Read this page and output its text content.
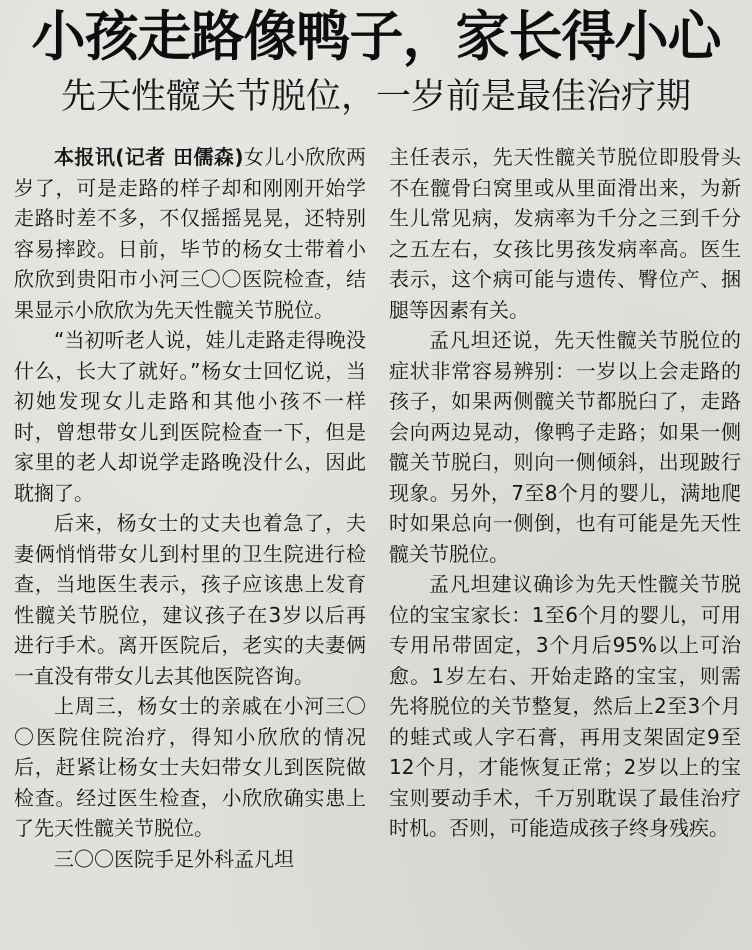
小孩走路像鸭子，家长得小心
先天性髋关节脱位，一岁前是最佳治疗期

本报讯(记者 田儒森)女儿小欣欣两岁了，可是走路的样子却和刚刚开始学走路时差不多，不仅摇摇晃晃，还特别容易摔跤。日前，毕节的杨女士带着小欣欣到贵阳市小河三〇〇医院检查，结果显示小欣欣为先天性髋关节脱位。

“当初听老人说，娃儿走路走得晚没什么，长大了就好。”杨女士回忆说，当初她发现女儿走路和其他小孩不一样时，曾想带女儿到医院检查一下，但是家里的老人却说学走路晚没什么，因此耽搁了。

后来，杨女士的丈夫也着急了，夫妻俩悄悄带女儿到村里的卫生院进行检查，当地医生表示，孩子应该患上发育性髋关节脱位，建议孩子在3岁以后再进行手术。离开医院后，老实的夫妻俩一直没有带女儿去其他医院咨询。

上周三，杨女士的亲戚在小河三〇〇医院住院治疗，得知小欣欣的情况后，赶紧让杨女士夫妇带女儿到医院做检查。经过医生检查，小欣欣确实患上了先天性髋关节脱位。

三〇〇医院手足外科孟凡坦

主任表示，先天性髋关节脱位即股骨头不在髋骨臼窝里或从里面滑出来，为新生儿常见病，发病率为千分之三到千分之五左右，女孩比男孩发病率高。医生表示，这个病可能与遗传、臀位产、捆腿等因素有关。

孟凡坦还说，先天性髋关节脱位的症状非常容易辨别：一岁以上会走路的孩子，如果两侧髋关节都脱臼了，走路会向两边晃动，像鸭子走路；如果一侧髋关节脱臼，则向一侧倾斜，出现跛行现象。另外，7至8个月的婴儿，满地爬时如果总向一侧倒，也有可能是先天性髋关节脱位。

孟凡坦建议确诊为先天性髋关节脱位的宝宝家长：1至6个月的婴儿，可用专用吊带固定，3个月后95%以上可治愈。1岁左右、开始走路的宝宝，则需先将脱位的关节整复，然后上2至3个月的蛙式或人字石膏，再用支架固定9至12个月，才能恢复正常；2岁以上的宝宝则要动手术，千万别耽误了最佳治疗时机。否则，可能造成孩子终身残疾。
